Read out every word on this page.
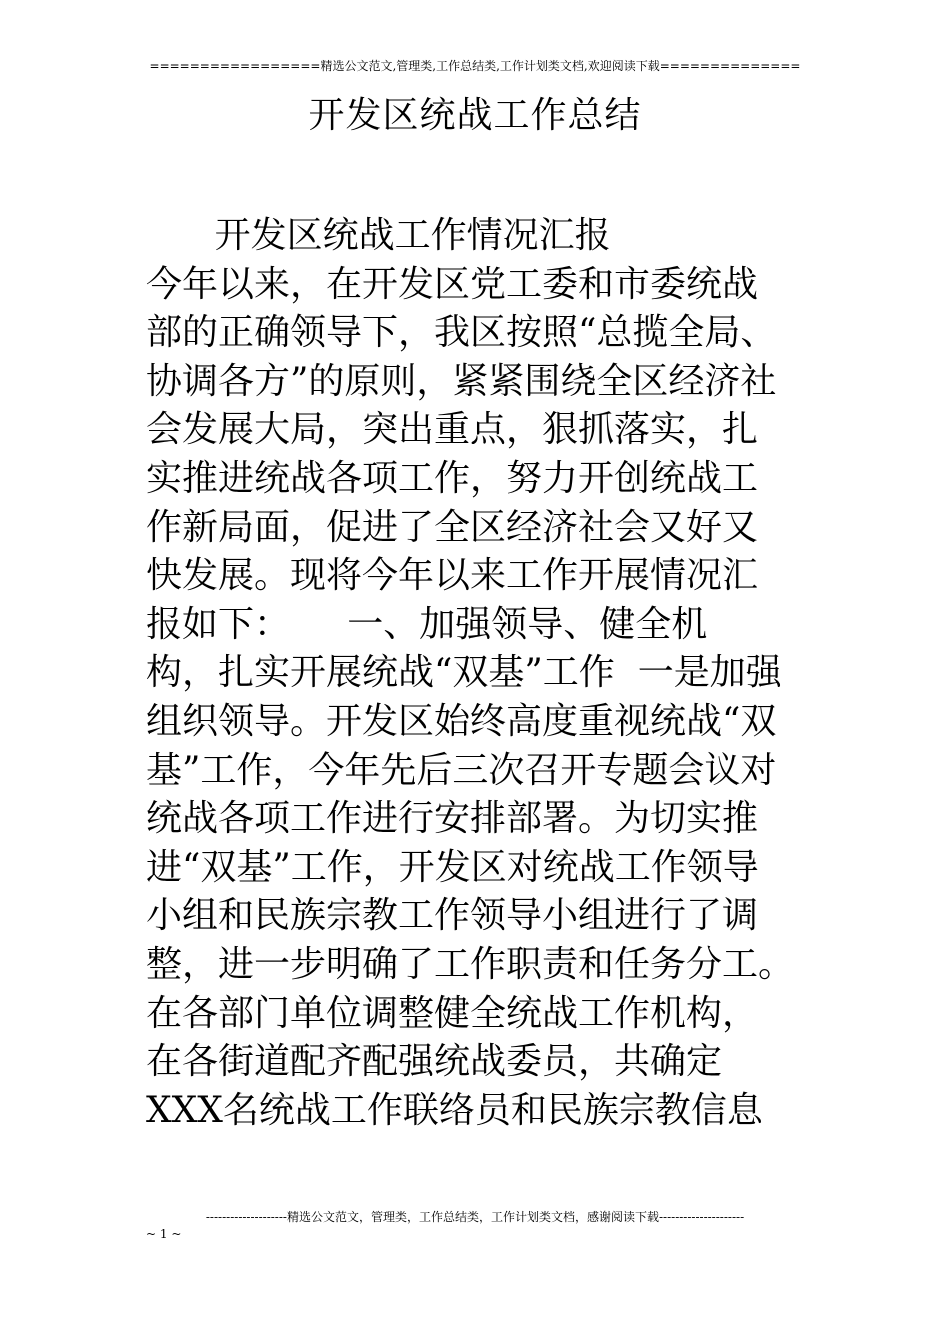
=================精选公文范文,管理类,工作总结类,工作计划类文档,欢迎阅读下载==============
开发区统战工作总结
开发区统战工作情况汇报
今年以来，在开发区党工委和市委统战
部的正确领导下，我区按照“总揽全局、
协调各方”的原则，紧紧围绕全区经济社
会发展大局，突出重点，狠抓落实，扎
实推进统战各项工作，努力开创统战工
作新局面，促进了全区经济社会又好又
快发展。现将今年以来工作开展情况汇
报如下：     一、加强领导、健全机
构，扎实开展统战“双基”工作  一是加强
组织领导。开发区始终高度重视统战“双
基”工作，今年先后三次召开专题会议对
统战各项工作进行安排部署。为切实推
进“双基”工作，开发区对统战工作领导
小组和民族宗教工作领导小组进行了调
整，进一步明确了工作职责和任务分工。
在各部门单位调整健全统战工作机构，
在各街道配齐配强统战委员，共确定
XXX名统战工作联络员和民族宗教信息
--------------------精选公文范文，管理类，工作总结类，工作计划类文档，感谢阅读下载---------------------
~ 1 ~
